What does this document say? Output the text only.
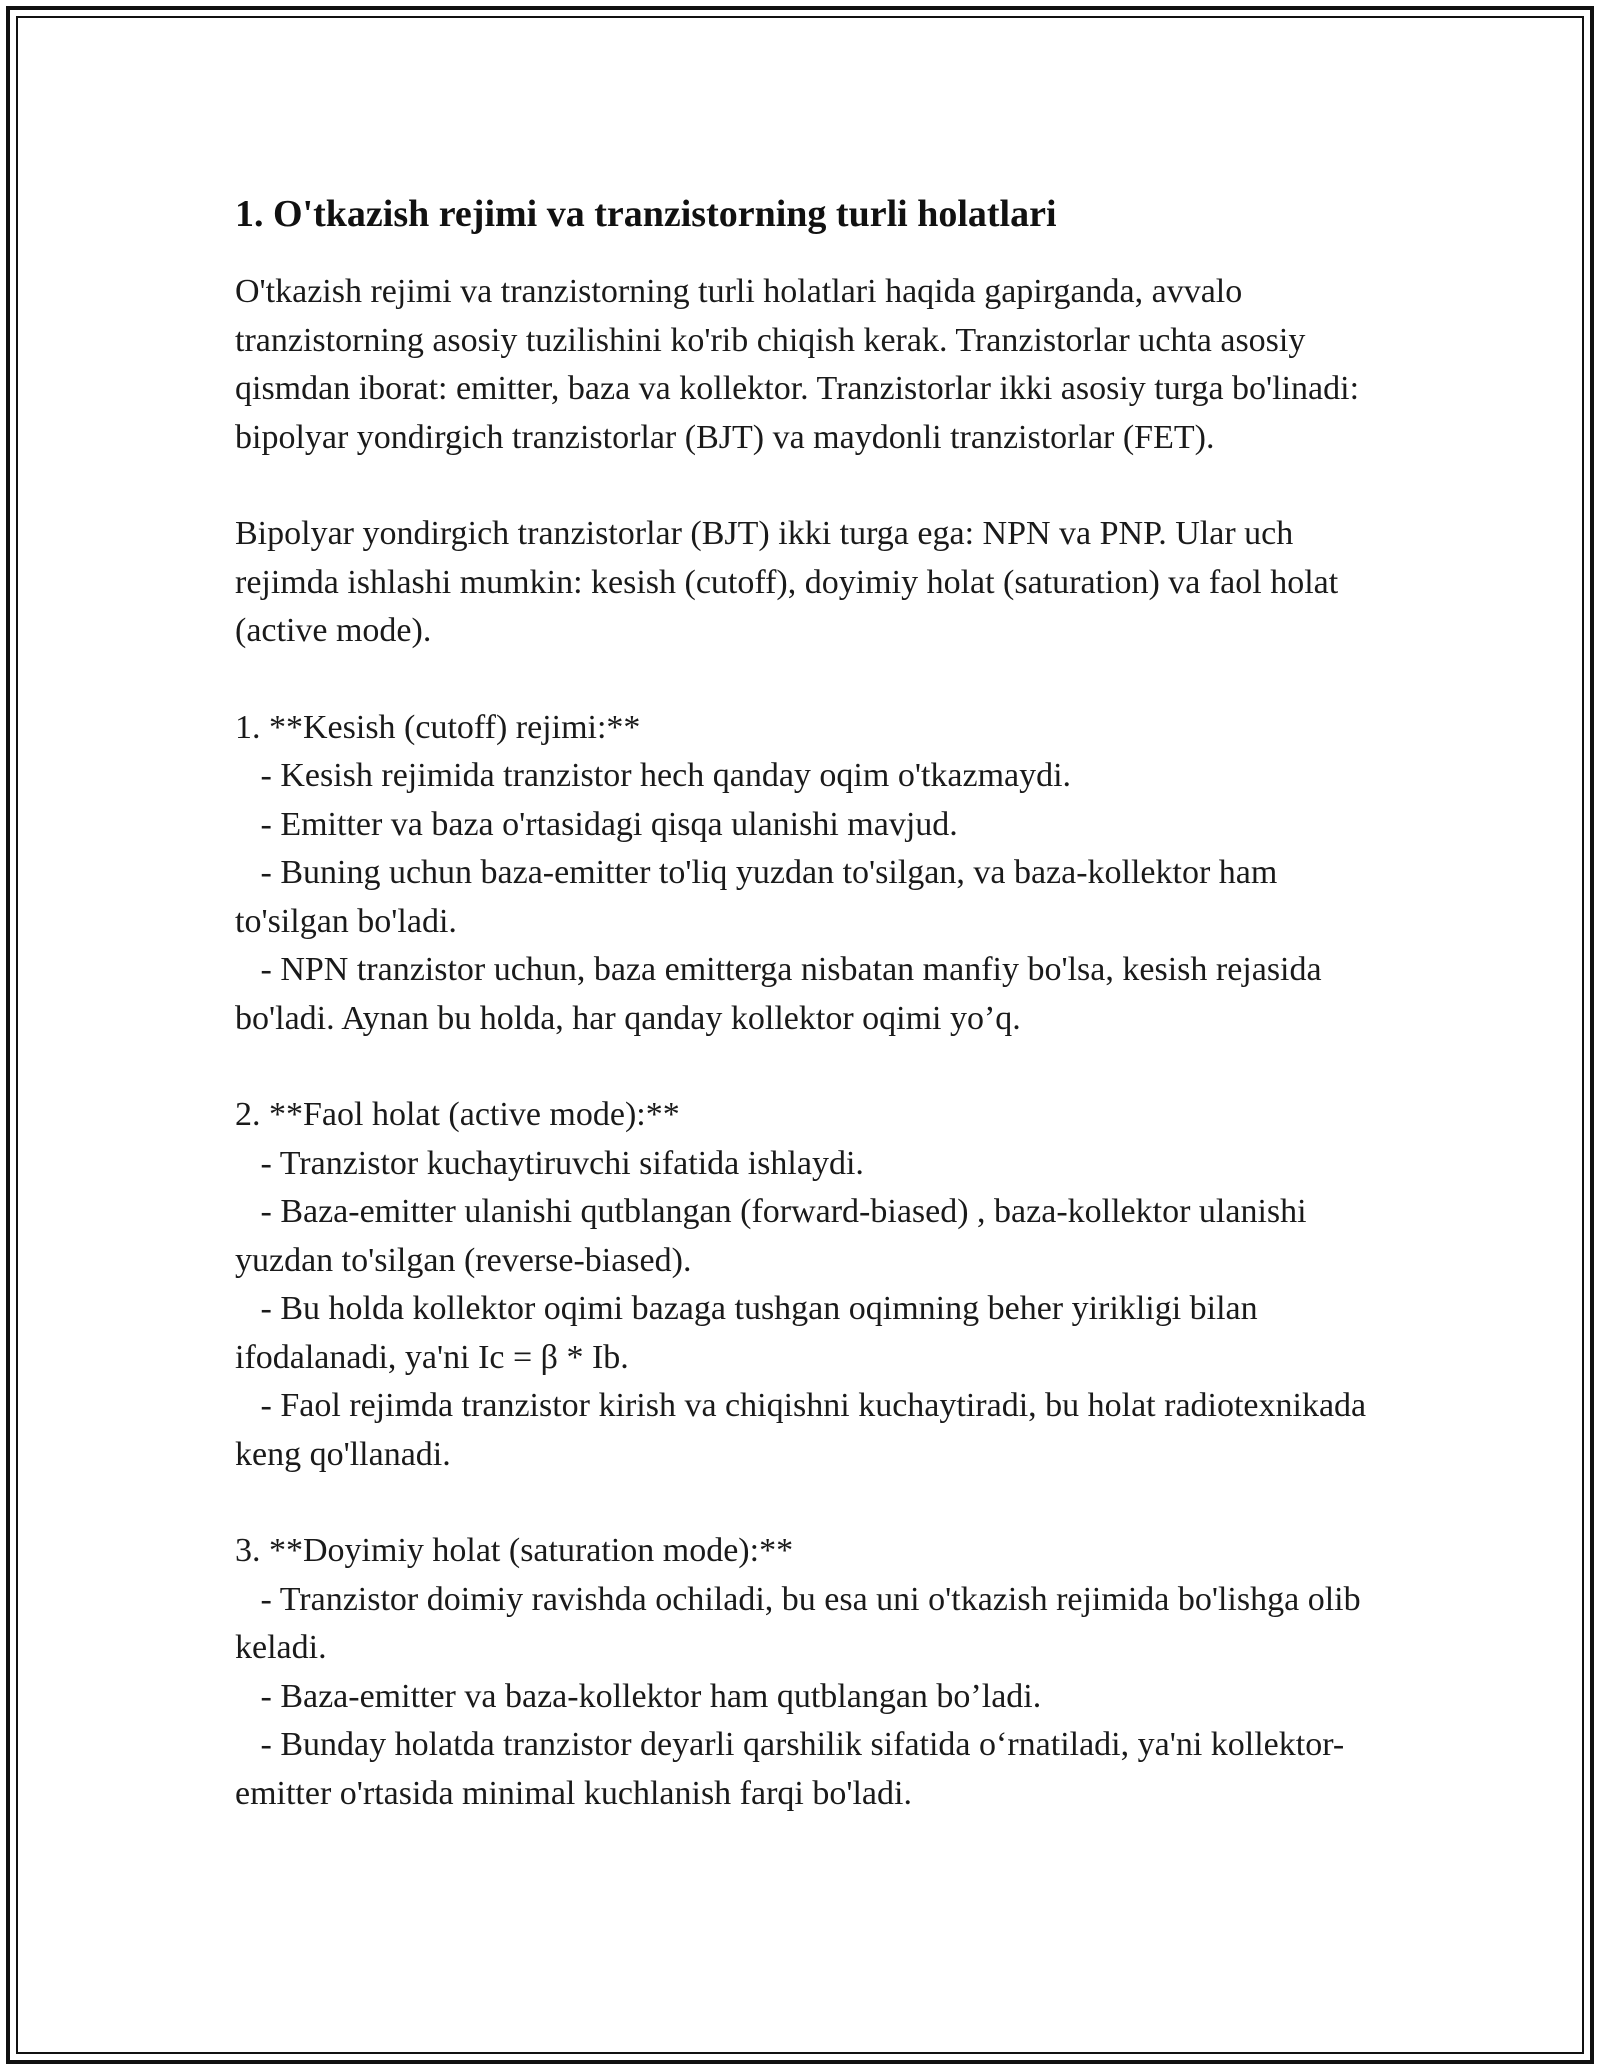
1. O'tkazish rejimi va tranzistorning turli holatlari

O'tkazish rejimi va tranzistorning turli holatlari haqida gapirganda, avvalo tranzistorning asosiy tuzilishini ko'rib chiqish kerak. Tranzistorlar uchta asosiy qismdan iborat: emitter, baza va kollektor. Tranzistorlar ikki asosiy turga bo'linadi: bipolyar yondirgich tranzistorlar (BJT) va maydonli tranzistorlar (FET).

Bipolyar yondirgich tranzistorlar (BJT) ikki turga ega: NPN va PNP. Ular uch rejimda ishlashi mumkin: kesish (cutoff), doyimiy holat (saturation) va faol holat (active mode).

1. **Kesish (cutoff) rejimi:**
- Kesish rejimida tranzistor hech qanday oqim o'tkazmaydi.
- Emitter va baza o'rtasidagi qisqa ulanishi mavjud.
- Buning uchun baza-emitter to'liq yuzdan to'silgan, va baza-kollektor ham to'silgan bo'ladi.
- NPN tranzistor uchun, baza emitterga nisbatan manfiy bo'lsa, kesish rejasida bo'ladi. Aynan bu holda, har qanday kollektor oqimi yo’q.

2. **Faol holat (active mode):**
- Tranzistor kuchaytiruvchi sifatida ishlaydi.
- Baza-emitter ulanishi qutblangan (forward-biased) , baza-kollektor ulanishi yuzdan to'silgan (reverse-biased).
- Bu holda kollektor oqimi bazaga tushgan oqimning beher yirikligi bilan ifodalanadi, ya'ni Ic = β * Ib.
- Faol rejimda tranzistor kirish va chiqishni kuchaytiradi, bu holat radiotexnikada keng qo'llanadi.

3. **Doyimiy holat (saturation mode):**
- Tranzistor doimiy ravishda ochiladi, bu esa uni o'tkazish rejimida bo'lishga olib keladi.
- Baza-emitter va baza-kollektor ham qutblangan bo’ladi.
- Bunday holatda tranzistor deyarli qarshilik sifatida o‘rnatiladi, ya'ni kollektor-emitter o'rtasida minimal kuchlanish farqi bo'ladi.
